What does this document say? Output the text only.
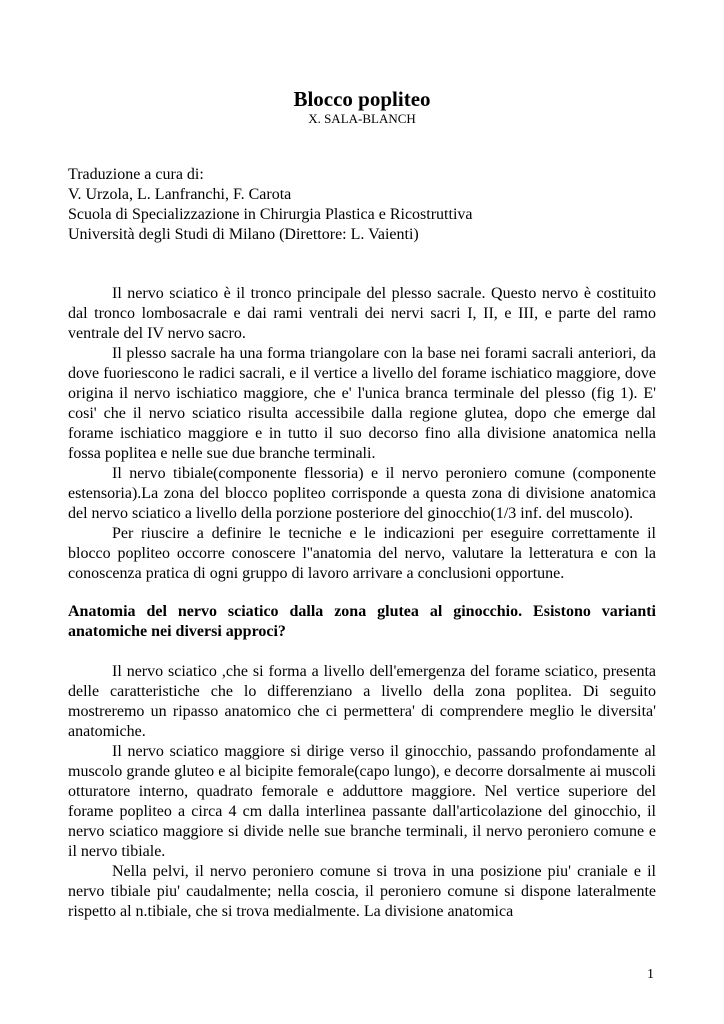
Blocco popliteo
X. SALA-BLANCH
Traduzione a cura di:
V. Urzola, L. Lanfranchi, F. Carota
Scuola di Specializzazione in Chirurgia Plastica e Ricostruttiva
Università degli Studi di Milano (Direttore: L. Vaienti)

Il nervo sciatico è il tronco principale del plesso sacrale. Questo nervo è costituito dal tronco lombosacrale e dai rami ventrali dei nervi sacri I, II, e III, e parte del ramo ventrale del IV nervo sacro.

Il plesso sacrale ha una forma triangolare con la base nei forami sacrali anteriori, da dove fuoriescono le radici sacrali, e il vertice a livello del forame ischiatico maggiore, dove origina il nervo ischiatico maggiore, che e' l'unica branca terminale del plesso (fig 1). E' cosi' che il nervo sciatico risulta accessibile dalla regione glutea, dopo che emerge dal forame ischiatico maggiore e in tutto il suo decorso fino alla divisione anatomica nella fossa poplitea e nelle sue due branche terminali.

Il nervo tibiale(componente flessoria) e il nervo peroniero comune (componente estensoria).La zona del blocco popliteo corrisponde a questa zona di divisione anatomica del nervo sciatico a livello della porzione posteriore del ginocchio(1/3 inf. del muscolo).

Per riuscire a definire le tecniche e le indicazioni per eseguire correttamente il blocco popliteo occorre conoscere l''anatomia del nervo, valutare la letteratura e con la conoscenza pratica di ogni gruppo di lavoro arrivare a conclusioni opportune.

Anatomia del nervo sciatico dalla zona glutea al ginocchio. Esistono varianti anatomiche nei diversi approci?

Il nervo sciatico ,che si forma a livello dell'emergenza del forame sciatico, presenta delle caratteristiche che lo differenziano a livello della zona poplitea. Di seguito mostreremo un ripasso anatomico che ci permettera' di comprendere meglio le diversita' anatomiche.

Il nervo sciatico maggiore si dirige verso il ginocchio, passando profondamente al muscolo grande gluteo e al bicipite femorale(capo lungo), e decorre dorsalmente ai muscoli otturatore interno, quadrato femorale e adduttore maggiore. Nel vertice superiore del forame popliteo a circa 4 cm dalla interlinea passante dall'articolazione del ginocchio, il nervo sciatico maggiore si divide nelle sue branche terminali, il nervo peroniero comune e il nervo tibiale.

Nella pelvi, il nervo peroniero comune si trova in una posizione piu' craniale e il nervo tibiale piu' caudalmente; nella coscia, il peroniero comune si dispone lateralmente rispetto al n.tibiale, che si trova medialmente. La divisione anatomica

1
